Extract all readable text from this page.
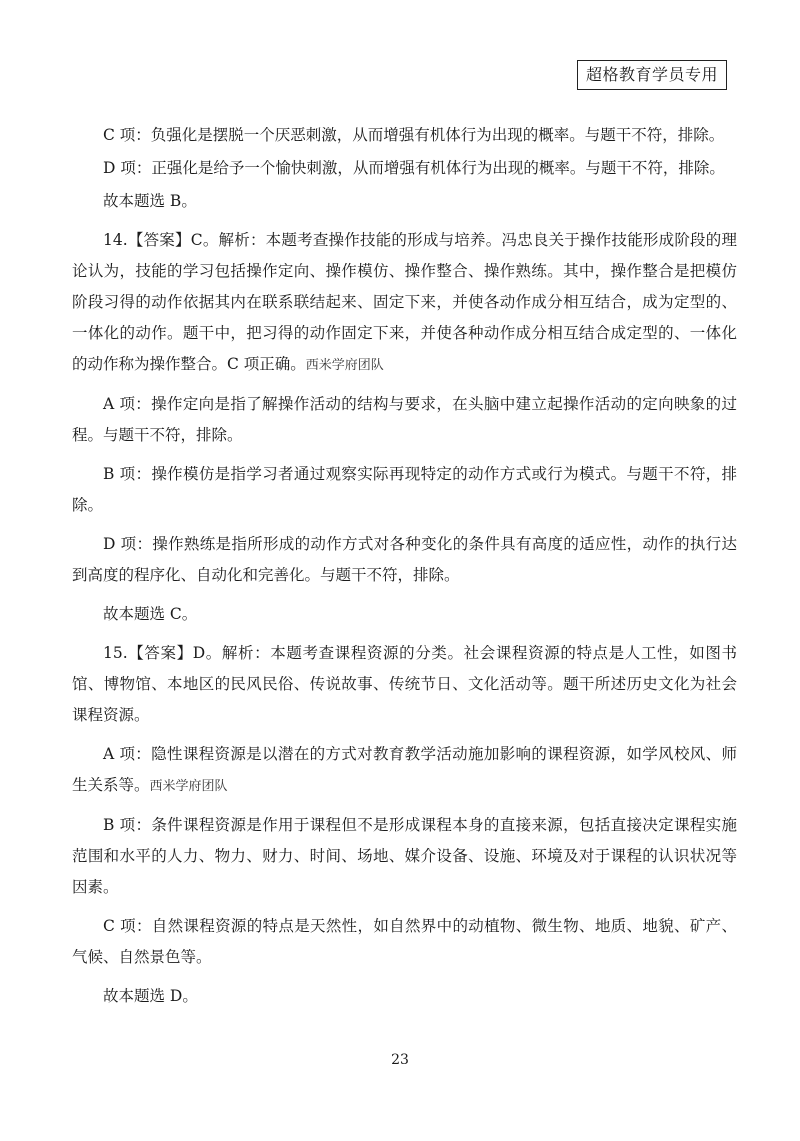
超格教育学员专用

C 项：负强化是摆脱一个厌恶刺激，从而增强有机体行为出现的概率。与题干不符，排除。

D 项：正强化是给予一个愉快刺激，从而增强有机体行为出现的概率。与题干不符，排除。

故本题选 B。

14.【答案】C。解析：本题考查操作技能的形成与培养。冯忠良关于操作技能形成阶段的理论认为，技能的学习包括操作定向、操作模仿、操作整合、操作熟练。其中，操作整合是把模仿阶段习得的动作依据其内在联系联结起来、固定下来，并使各动作成分相互结合，成为定型的、一体化的动作。题干中，把习得的动作固定下来，并使各种动作成分相互结合成定型的、一体化的动作称为操作整合。C 项正确。西米学府团队

A 项：操作定向是指了解操作活动的结构与要求，在头脑中建立起操作活动的定向映象的过程。与题干不符，排除。

B 项：操作模仿是指学习者通过观察实际再现特定的动作方式或行为模式。与题干不符，排除。

D 项：操作熟练是指所形成的动作方式对各种变化的条件具有高度的适应性，动作的执行达到高度的程序化、自动化和完善化。与题干不符，排除。

故本题选 C。

15.【答案】D。解析：本题考查课程资源的分类。社会课程资源的特点是人工性，如图书馆、博物馆、本地区的民风民俗、传说故事、传统节日、文化活动等。题干所述历史文化为社会课程资源。

A 项：隐性课程资源是以潜在的方式对教育教学活动施加影响的课程资源，如学风校风、师生关系等。西米学府团队

B 项：条件课程资源是作用于课程但不是形成课程本身的直接来源，包括直接决定课程实施范围和水平的人力、物力、财力、时间、场地、媒介设备、设施、环境及对于课程的认识状况等因素。

C 项：自然课程资源的特点是天然性，如自然界中的动植物、微生物、地质、地貌、矿产、气候、自然景色等。

故本题选 D。

23
